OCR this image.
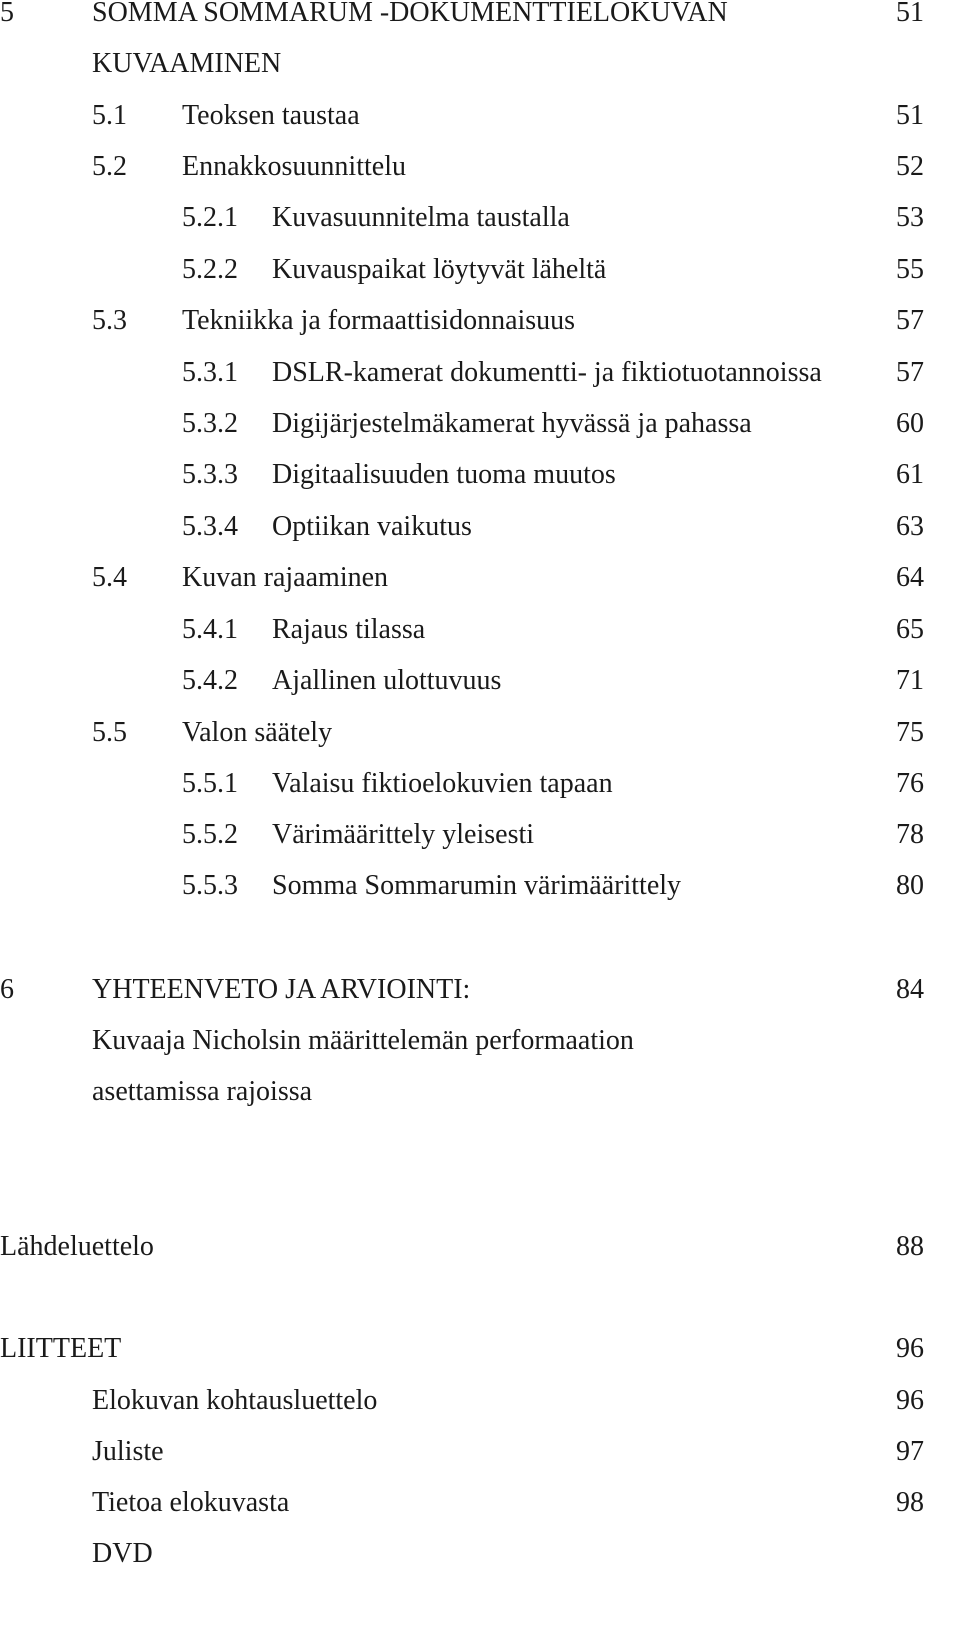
5	SOMMA SOMMARUM -DOKUMENTTIELOKUVAN	51
KUVAAMINEN
5.1 Teoksen taustaa	51
5.2 Ennakkosuunnittelu	52
5.2.1 Kuvasuunnitelma taustalla	53
5.2.2 Kuvauspaikat löytyvät läheltä	55
5.3 Tekniikka ja formaattisidonnaisuus	57
5.3.1 DSLR-kamerat dokumentti- ja fiktiotuotannoissa	57
5.3.2 Digijärjestelmäkamerat hyvässä ja pahassa	60
5.3.3 Digitaalisuuden tuoma muutos	61
5.3.4 Optiikan vaikutus	63
5.4 Kuvan rajaaminen	64
5.4.1 Rajaus tilassa	65
5.4.2 Ajallinen ulottuvuus	71
5.5 Valon säätely	75
5.5.1 Valaisu fiktioelokuvien tapaan	76
5.5.2 Värimäärittely yleisesti	78
5.5.3 Somma Sommarumin värimäärittely	80
6	YHTEENVETO JA ARVIOINTI:	84
Kuvaaja Nicholsin määrittelemän performaation
asettamissa rajoissa
Lähdeluettelo	88
LIITTEET	96
Elokuvan kohtausluettelo	96
Juliste	97
Tietoa elokuvasta	98
DVD
